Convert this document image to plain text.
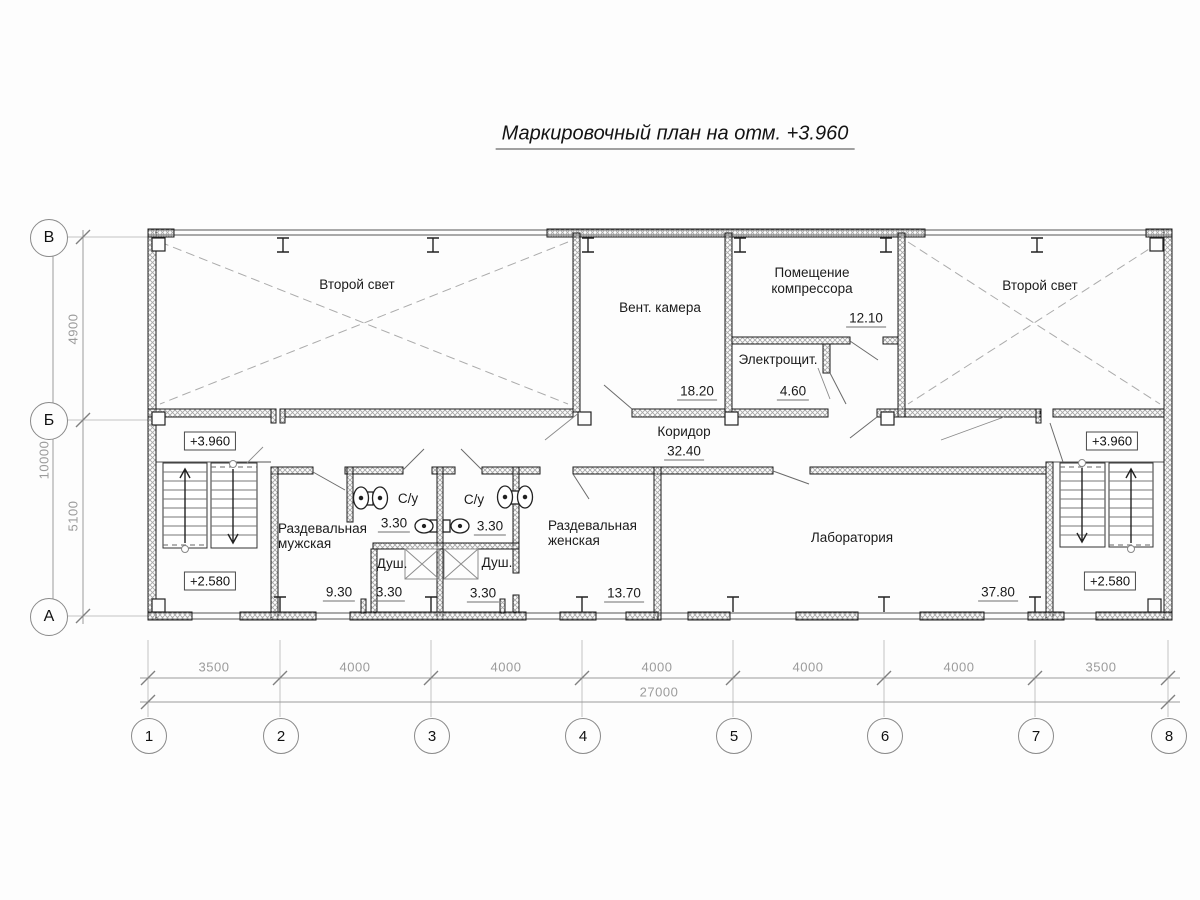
Маркировочный план на отм. +3.960
Второй свет	Второй свет
Вент. камера
Помещение
компрессора
12.10
Электрощит.
4.60
18.20
Коридор
32.40
Раздевальная
мужская
Раздевальная
женская	Лаборатория
С/у	С/у
3.30	3.30
Душ.	Душ.
9.30 3.30	3.30	13.70	37.80
+3.960
+2.580
+3.960
+2.580
3500	4000	4000	4000	4000	4000	3500
27000
4900
5100
10000
1	2	3	4	5	6	7	8
В
Б
А
